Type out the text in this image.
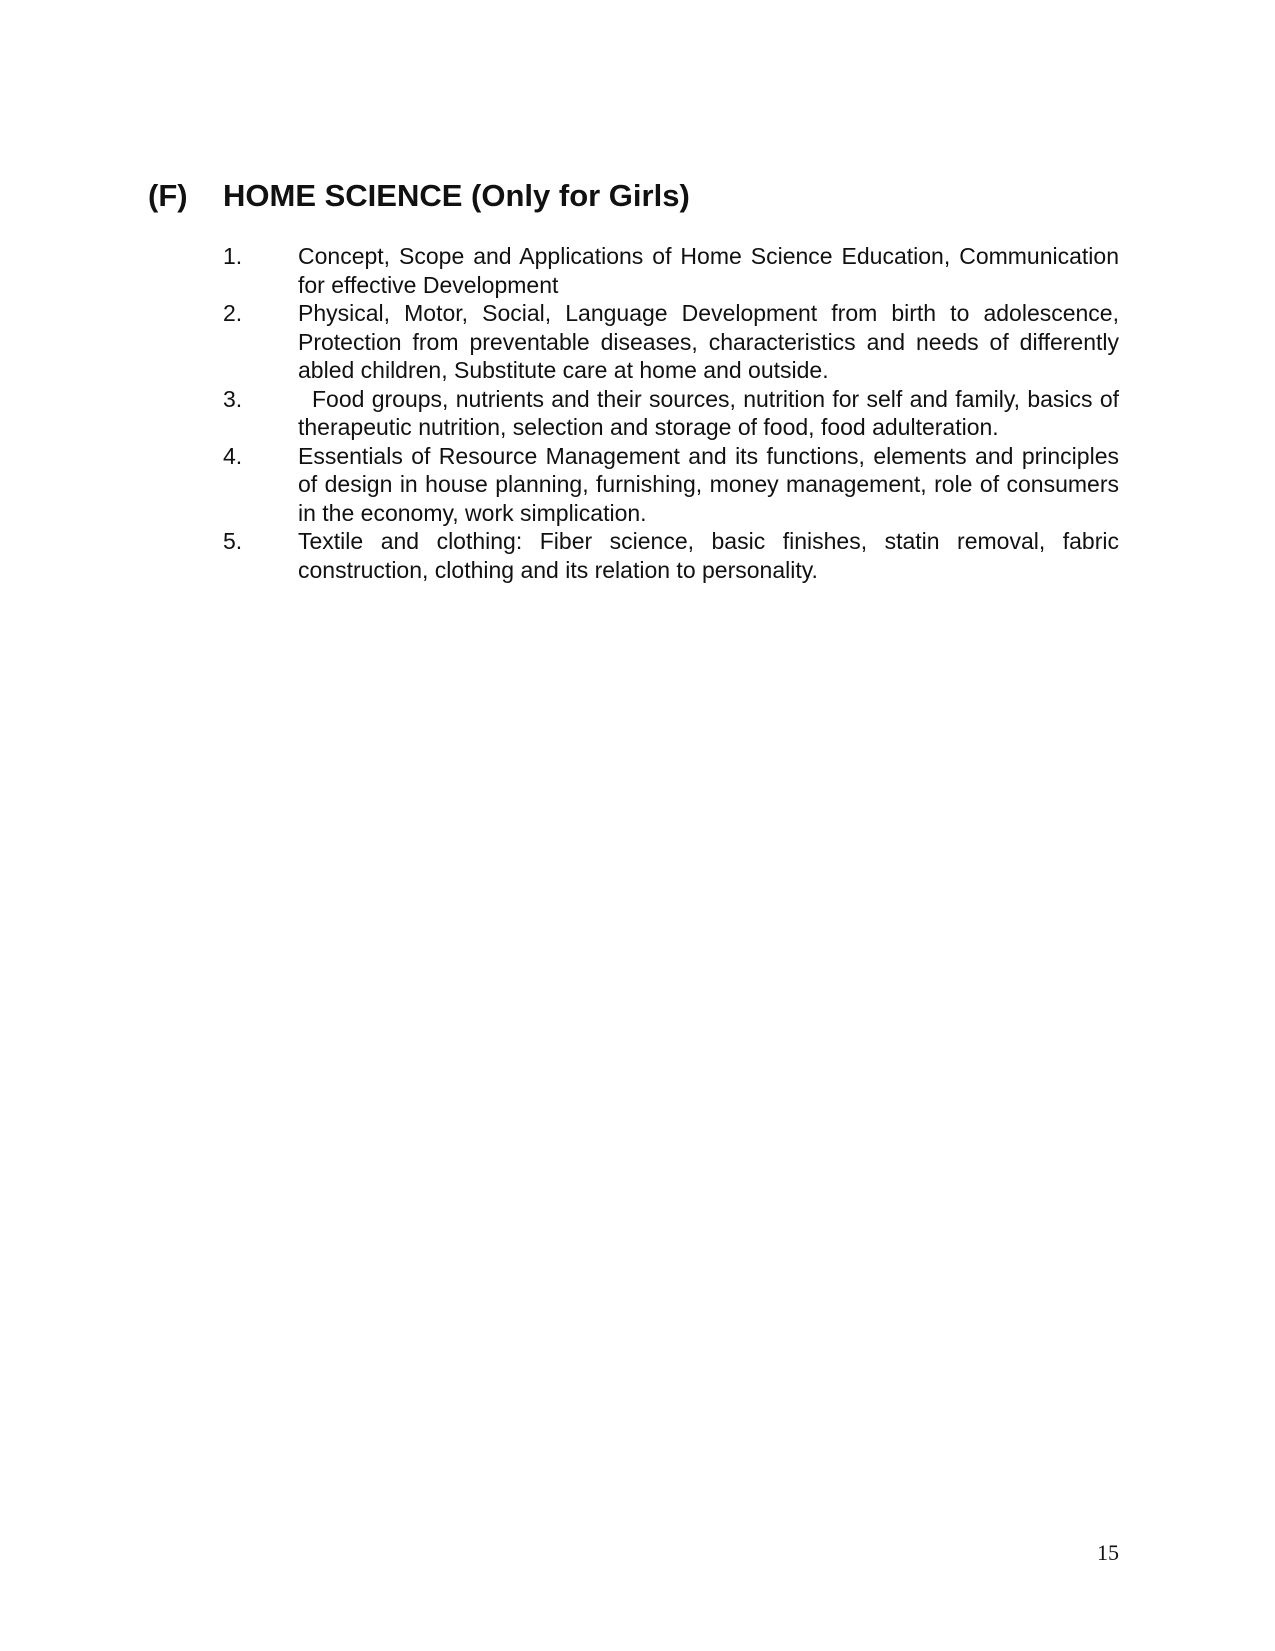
(F) HOME SCIENCE (Only for Girls)
1. Concept, Scope and Applications of Home Science Education, Communication for effective Development
2. Physical, Motor, Social, Language Development from birth to adolescence, Protection from preventable diseases, characteristics and needs of differently abled children, Substitute care at home and outside.
3.	Food groups, nutrients and their sources, nutrition for self and family, basics of therapeutic nutrition, selection and storage of food, food adulteration.
4. Essentials of Resource Management and its functions, elements and principles of design in house planning, furnishing, money management, role of consumers in the economy, work simplication.
5. Textile and clothing: Fiber science, basic finishes, statin removal, fabric construction, clothing and its relation to personality.
15
